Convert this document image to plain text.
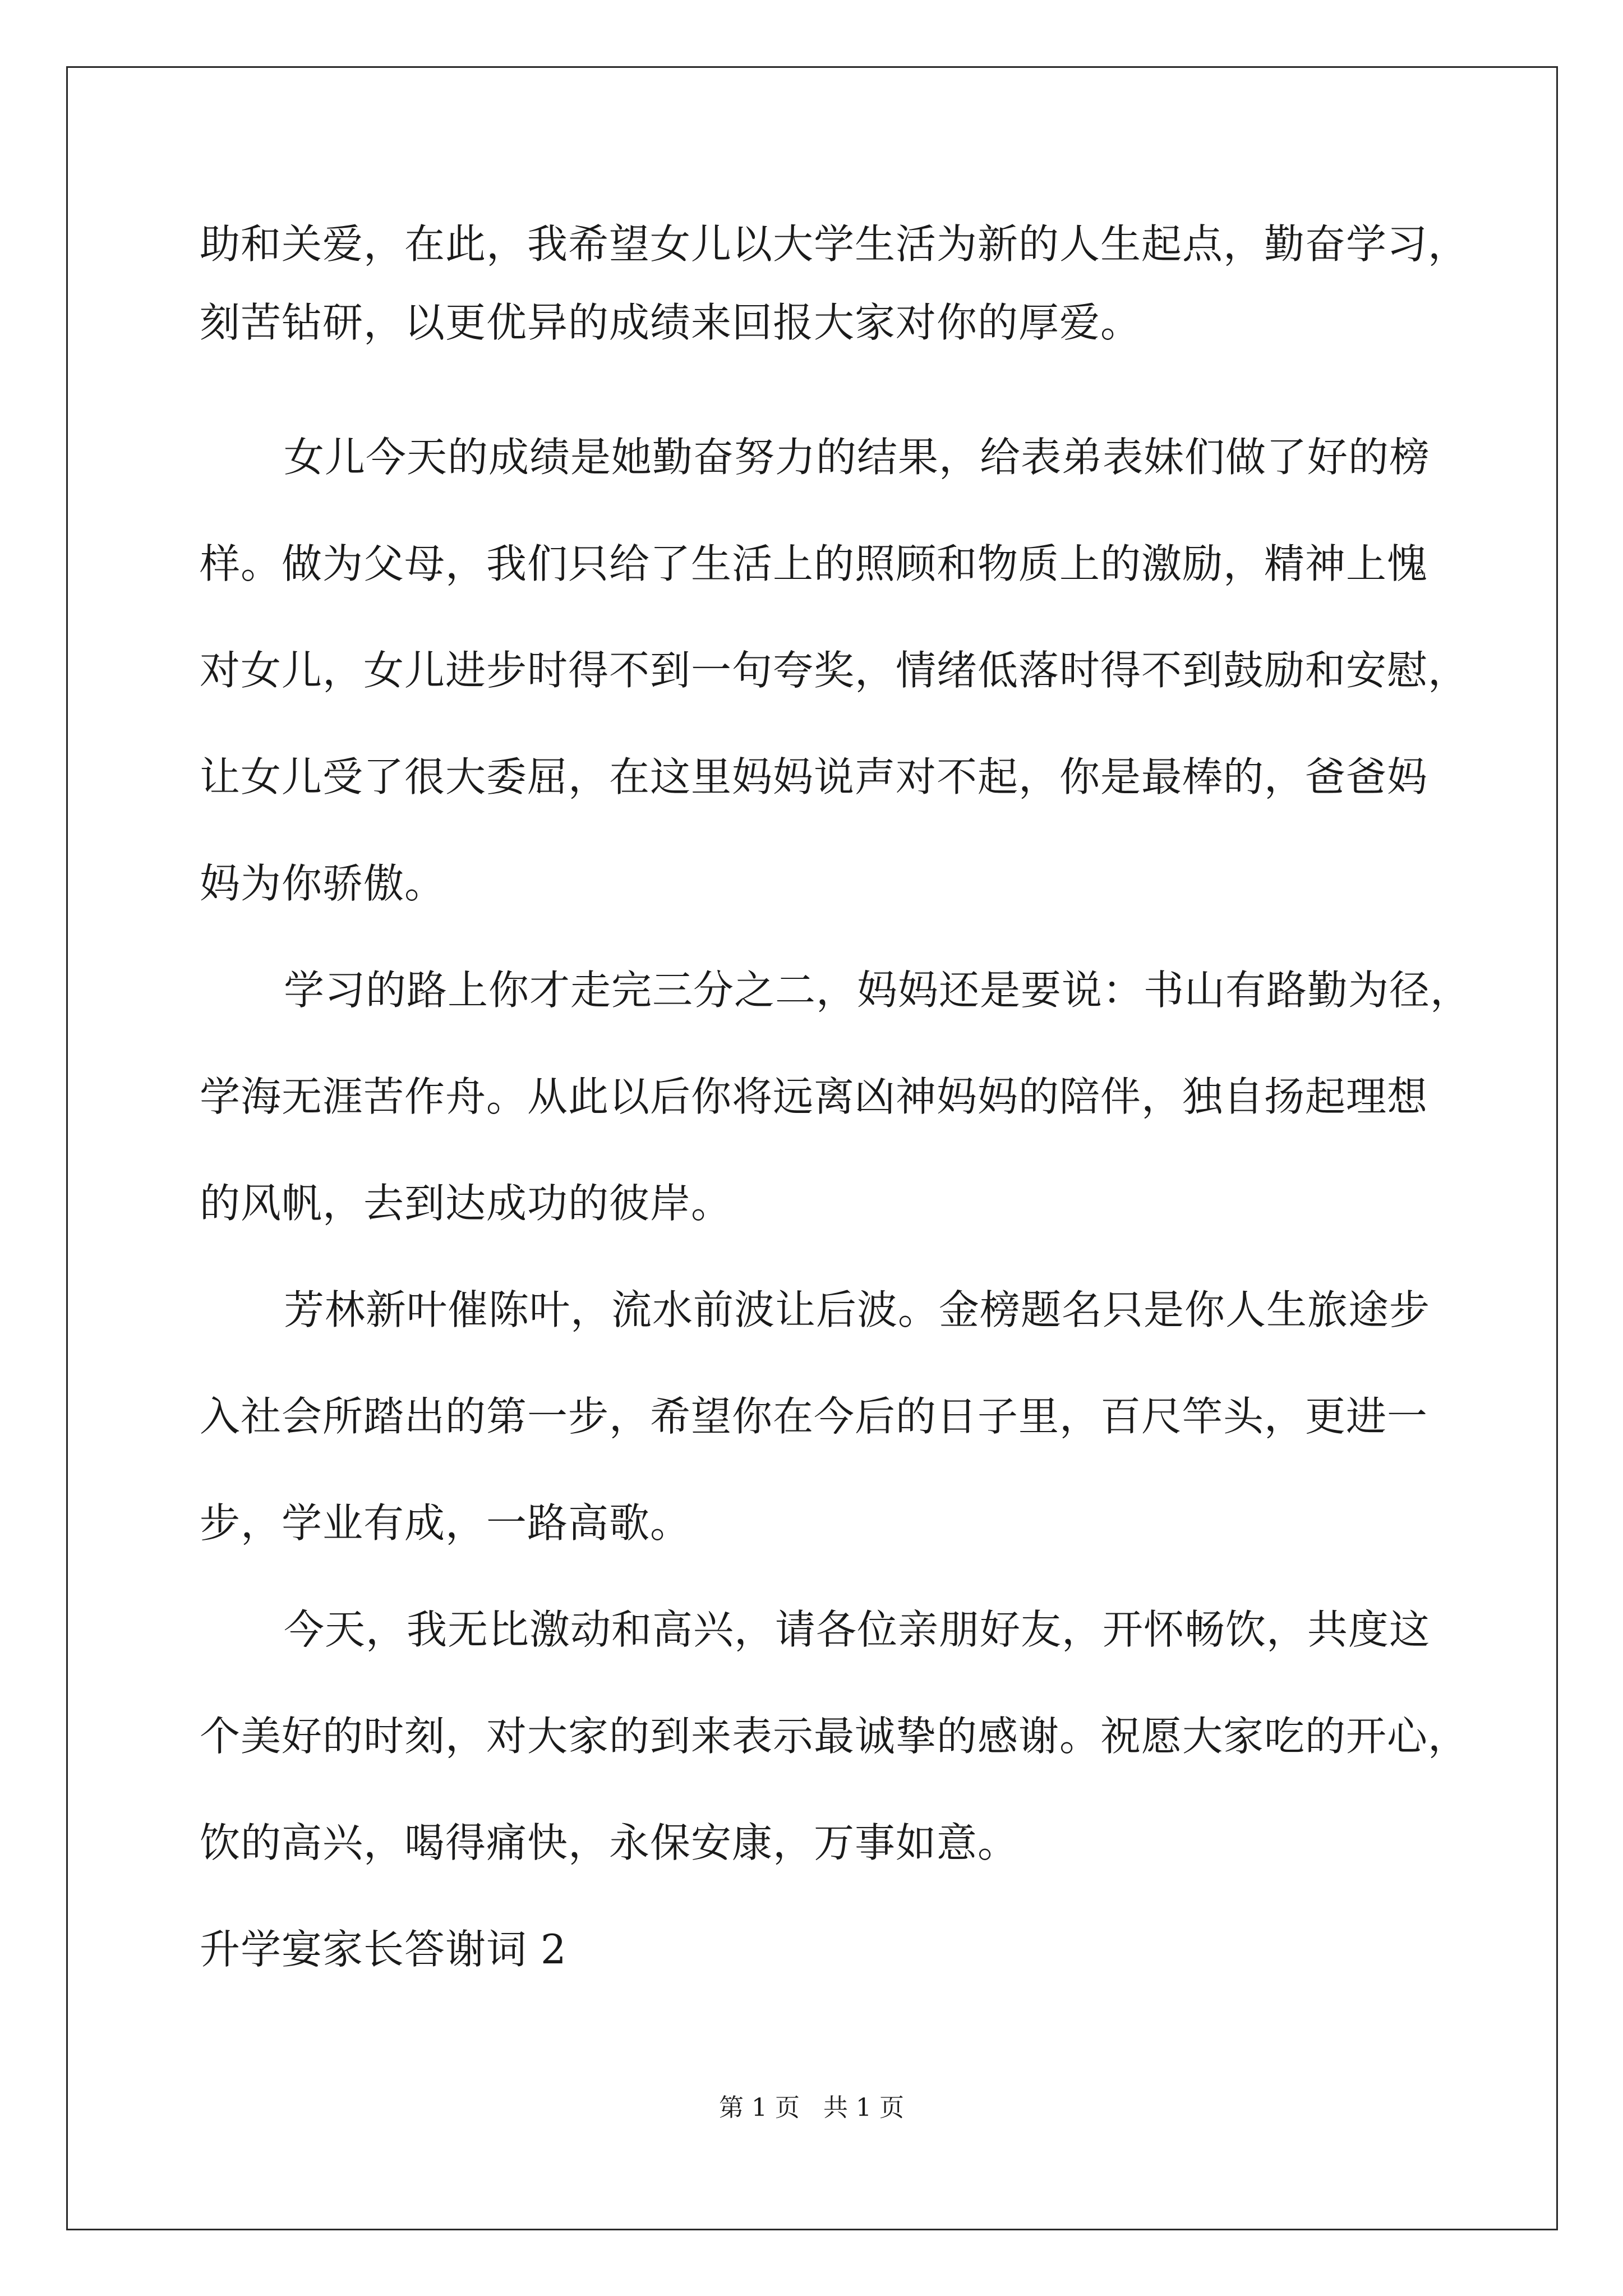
助和关爱，在此，我希望女儿以大学生活为新的人生起点，勤奋学习，
刻苦钻研，以更优异的成绩来回报大家对你的厚爱。
女儿今天的成绩是她勤奋努力的结果，给表弟表妹们做了好的榜
样。做为父母，我们只给了生活上的照顾和物质上的激励，精神上愧
对女儿，女儿进步时得不到一句夸奖，情绪低落时得不到鼓励和安慰，
让女儿受了很大委屈，在这里妈妈说声对不起，你是最棒的，爸爸妈
妈为你骄傲。
学习的路上你才走完三分之二，妈妈还是要说：书山有路勤为径，
学海无涯苦作舟。从此以后你将远离凶神妈妈的陪伴，独自扬起理想
的风帆，去到达成功的彼岸。
芳林新叶催陈叶，流水前波让后波。金榜题名只是你人生旅途步
入社会所踏出的第一步，希望你在今后的日子里，百尺竿头，更进一
步，学业有成，一路高歌。
今天，我无比激动和高兴，请各位亲朋好友，开怀畅饮，共度这
个美好的时刻，对大家的到来表示最诚挚的感谢。祝愿大家吃的开心，
饮的高兴，喝得痛快，永保安康，万事如意。
升学宴家长答谢词 2
第 1 页   共 1 页
